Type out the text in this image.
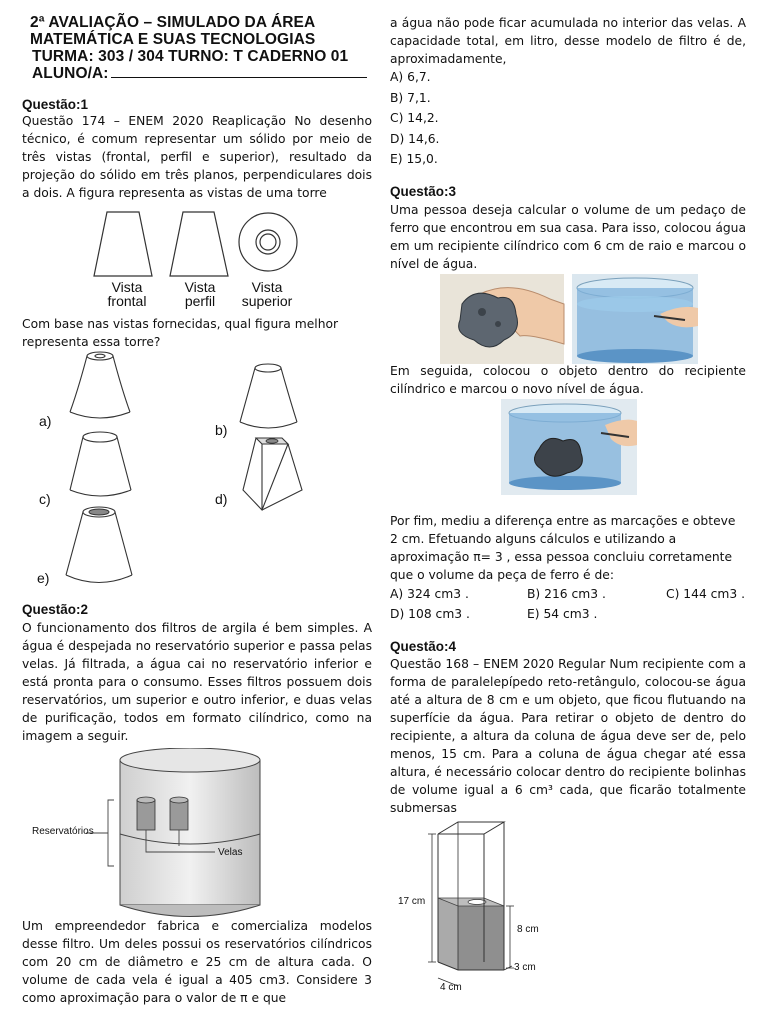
2ª AVALIAÇÃO – SIMULADO DA ÁREA
MATEMÁTICA E SUAS TECNOLOGIAS
TURMA: 303 / 304 TURNO: T CADERNO 01
ALUNO/A:
Questão:1

Questão 174 – ENEM 2020 Reaplicação No desenho técnico, é comum representar um sólido por meio de três vistas (frontal, perfil e superior), resultado da projeção do sólido em três planos, perpendiculares dois a dois. A figura representa as vistas de uma torre

Vista
frontal
Vista
perfil
Vista
superior

Com base nas vistas fornecidas, qual figura melhor representa essa torre?

a)
b)
c)	d)
e)
Questão:2

O funcionamento dos filtros de argila é bem simples. A água é despejada no reservatório superior e passa pelas velas. Já filtrada, a água cai no reservatório inferior e está pronta para o consumo. Esses filtros possuem dois reservatórios, um superior e outro inferior, e duas velas de purificação, todos em formato cilíndrico, como na imagem a seguir.

Reservatórios
Velas

Um empreendedor fabrica e comercializa modelos desse filtro. Um deles possui os reservatórios cilíndricos com 20 cm de diâmetro e 25 cm de altura cada. O volume de cada vela é igual a 405 cm3. Considere 3 como aproximação para o valor de π e que

a água não pode ficar acumulada no interior das velas. A capacidade total, em litro, desse modelo de filtro é de, aproximadamente,

A) 6,7.
B) 7,1.
C) 14,2.
D) 14,6.
E) 15,0.
Questão:3

Uma pessoa deseja calcular o volume de um pedaço de ferro que encontrou em sua casa. Para isso, colocou água em um recipiente cilíndrico com 6 cm de raio e marcou o nível de água.

Em seguida, colocou o objeto dentro do recipiente cilíndrico e marcou o novo nível de água.

Por fim, mediu a diferença entre as marcações e obteve 2 cm. Efetuando alguns cálculos e utilizando a aproximação π= 3 , essa pessoa concluiu corretamente que o volume da peça de ferro é de:

A) 324 cm3 .	B) 216 cm3 .	C) 144 cm3 .
D) 108 cm3 .	E) 54 cm3 .
Questão:4

Questão 168 – ENEM 2020 Regular Num recipiente com a forma de paralelepípedo reto-retângulo, colocou-se água até a altura de 8 cm e um objeto, que ficou flutuando na superfície da água. Para retirar o objeto de dentro do recipiente, a altura da coluna de água deve ser de, pelo menos, 15 cm. Para a coluna de água chegar até essa altura, é necessário colocar dentro do recipiente bolinhas de volume igual a 6 cm³ cada, que ficarão totalmente submersas

17 cm
8 cm
3 cm
4 cm
